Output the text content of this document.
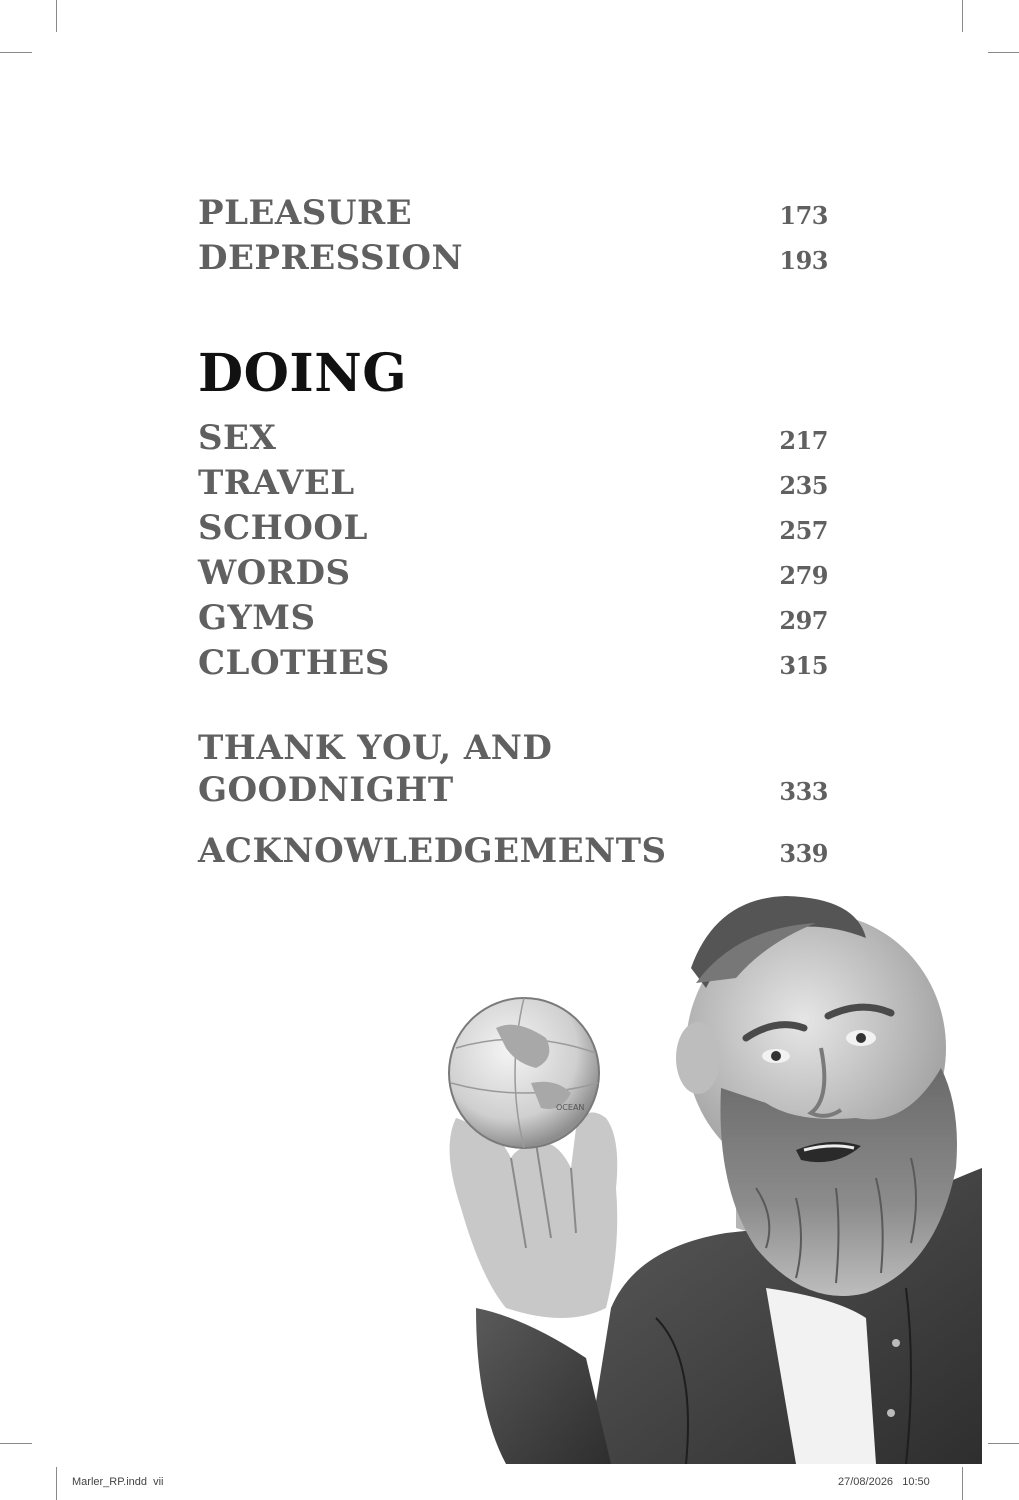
PLEASURE	173
DEPRESSION	193
DOING
SEX	217
TRAVEL	235
SCHOOL	257
WORDS	279
GYMS	297
CLOTHES	315
THANK YOU, AND
GOODNIGHT	333
ACKNOWLEDGEMENTS	339
OCEAN
Marler_RP.indd  vii	27/08/2026   10:50
